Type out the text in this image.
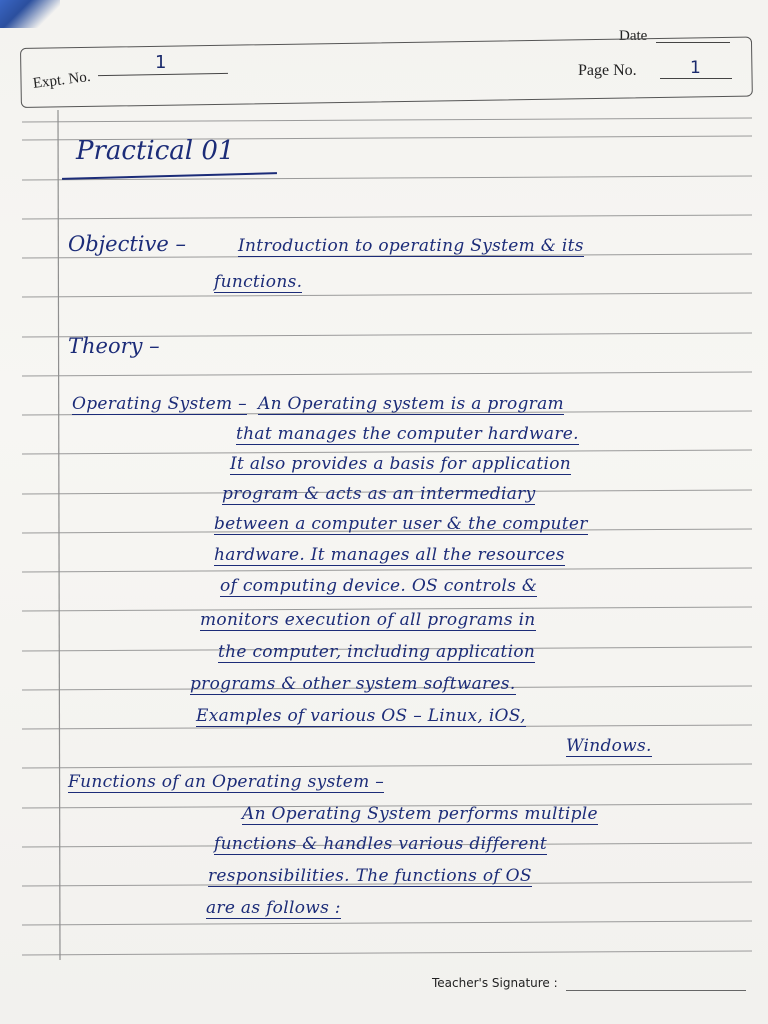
Date
Expt. No.
1	Page No.	1
Practical 01
Objective –	Introduction to operating System & its
functions.
Theory –
Operating System – An Operating system is a program
that manages the computer hardware.
It also provides a basis for application
program & acts as an intermediary
between a computer user & the computer
hardware. It manages all the resources
of computing device. OS controls &
monitors execution of all programs in
the computer, including application
programs & other system softwares.
Examples of various OS – Linux, iOS,
Windows.
Functions of an Operating system –
An Operating System performs multiple
functions & handles various different
responsibilities. The functions of OS
are as follows :
Teacher's Signature :
